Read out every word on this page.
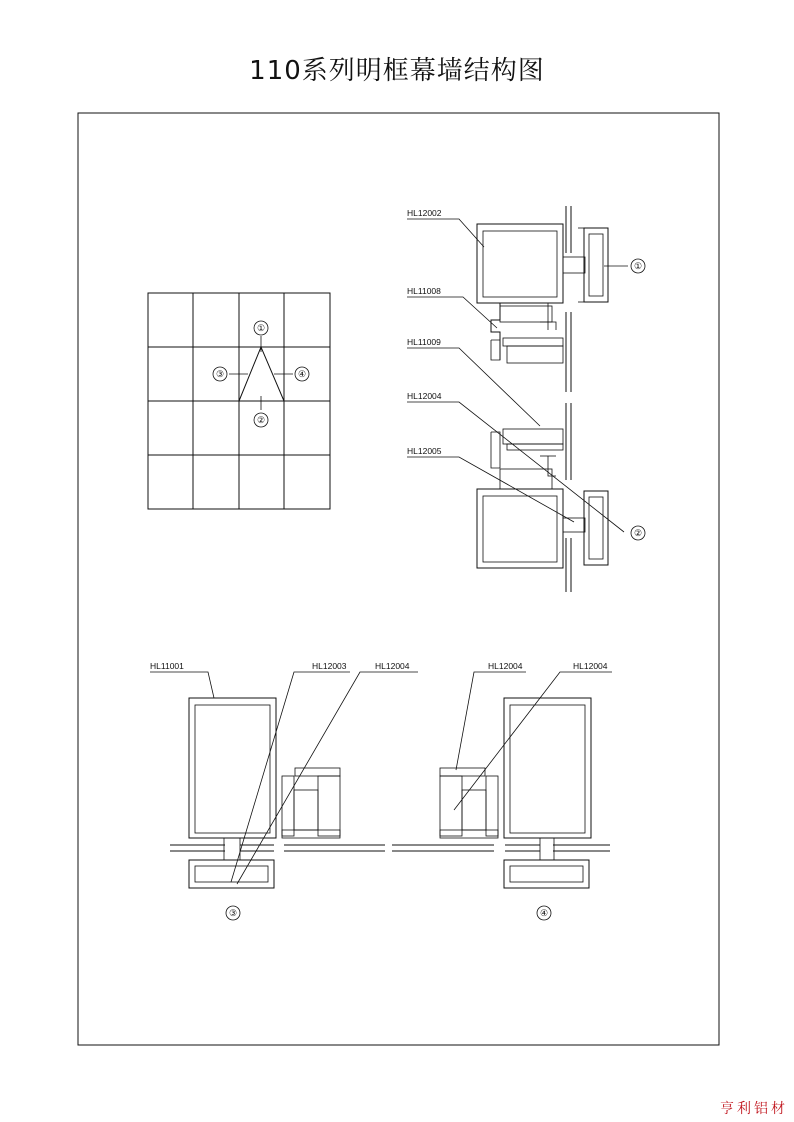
110系列明框幕墙结构图
亨利铝材
①
②
③	④
HL12002
HL11008
HL11009
HL12004
HL12005
①
②
HL11001	HL12003	HL12004
③
HL12004	HL12004
④
